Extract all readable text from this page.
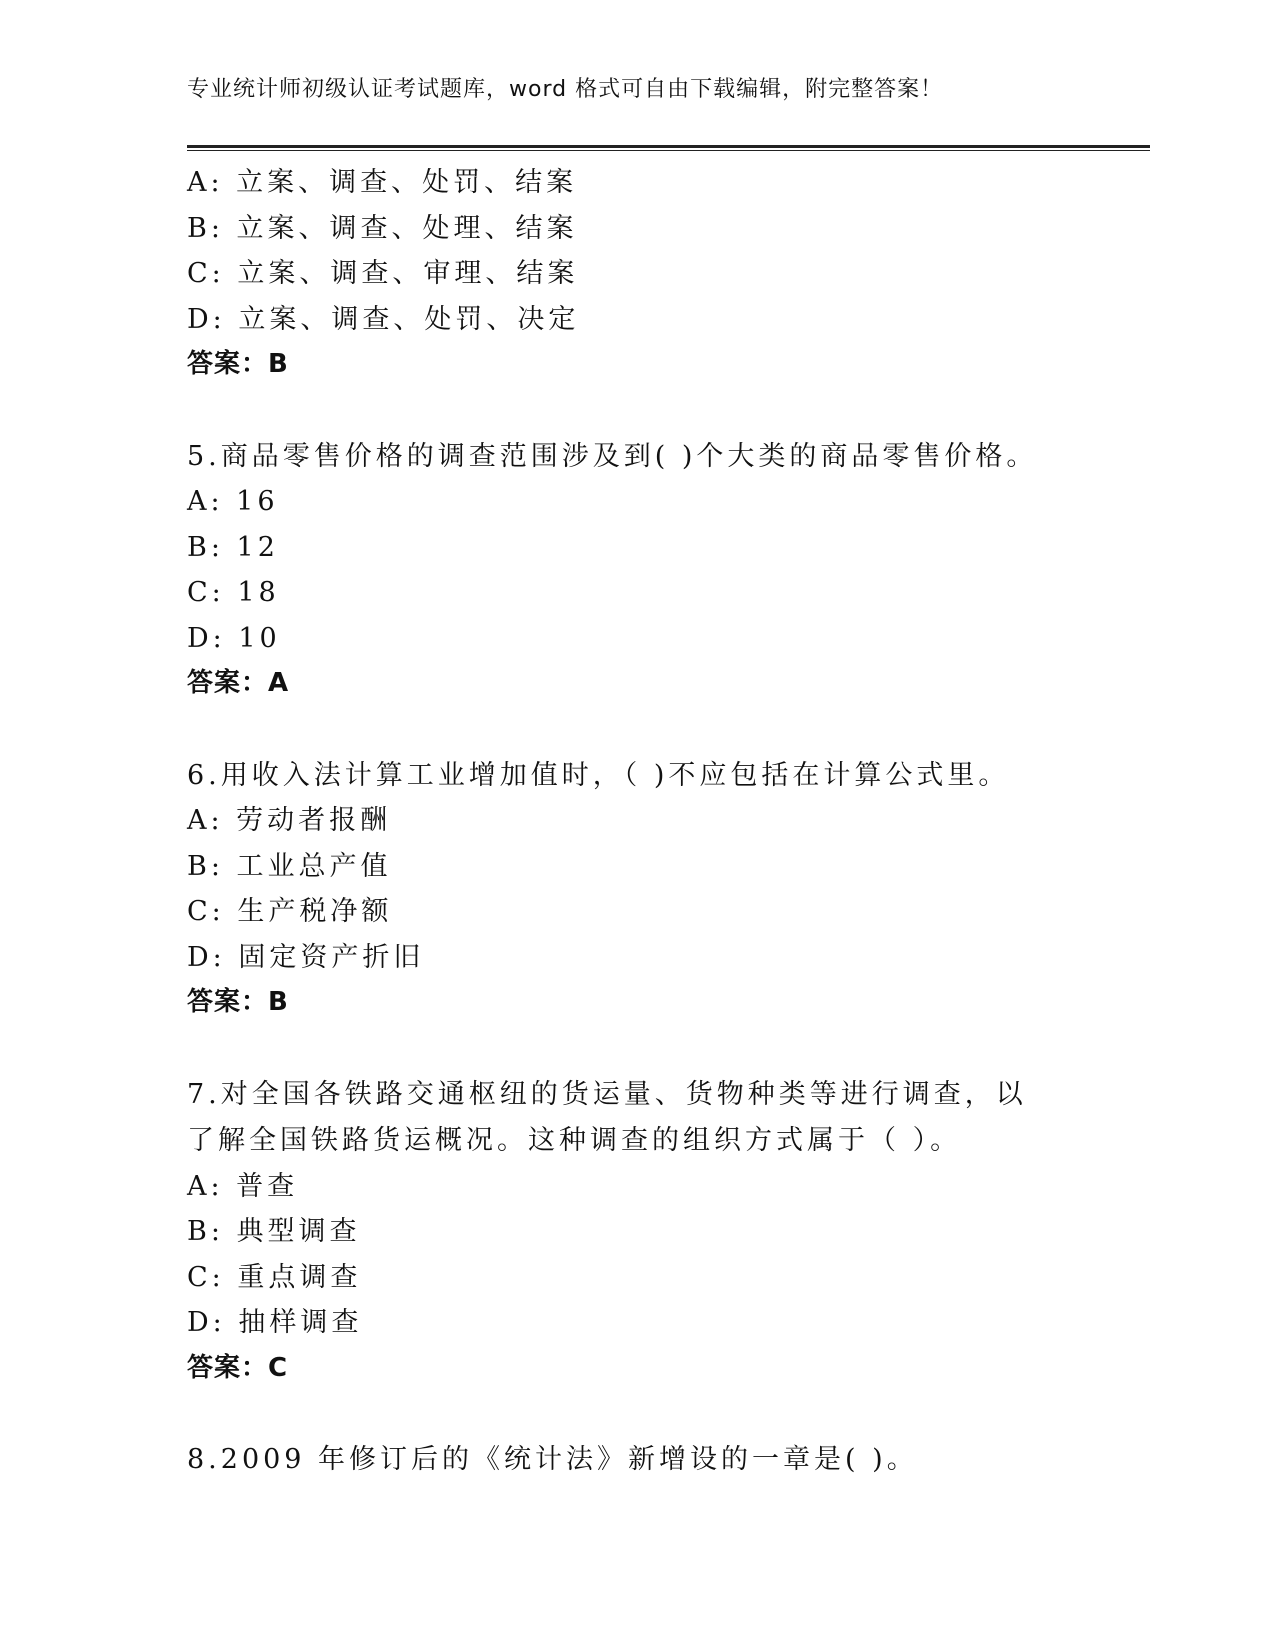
专业统计师初级认证考试题库，word 格式可自由下载编辑，附完整答案！
A: 立案、调查、处罚、结案
B: 立案、调查、处理、结案
C: 立案、调查、审理、结案
D: 立案、调查、处罚、决定
答案：B
5.商品零售价格的调查范围涉及到( )个大类的商品零售价格。
A: 16
B: 12
C: 18
D: 10
答案：A
6.用收入法计算工业增加值时，（ )不应包括在计算公式里。
A: 劳动者报酬
B: 工业总产值
C: 生产税净额
D: 固定资产折旧
答案：B
7.对全国各铁路交通枢纽的货运量、货物种类等进行调查，以了解全国铁路货运概况。这种调查的组织方式属于（ ）。
A: 普查
B: 典型调查
C: 重点调查
D: 抽样调查
答案：C
8.2009 年修订后的《统计法》新增设的一章是( )。
